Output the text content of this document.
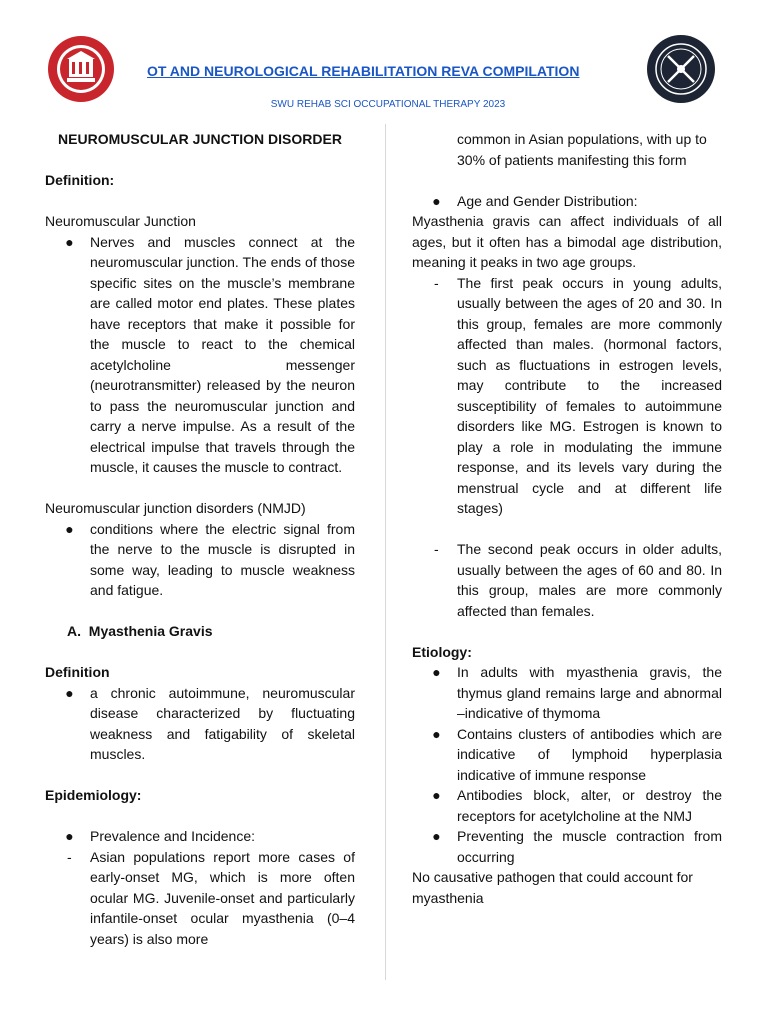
OT AND NEUROLOGICAL REHABILITATION REVA COMPILATION
SWU REHAB SCI OCCUPATIONAL THERAPY 2023

NEUROMUSCULAR JUNCTION DISORDER

Definition:

Neuromuscular Junction

●	Nerves and muscles connect at the neuromuscular junction. The ends of those specific sites on the muscle’s membrane are called motor end plates. These plates have receptors that make it possible for the muscle to react to the chemical acetylcholine messenger (neurotransmitter) released by the neuron to pass the neuromuscular junction and carry a nerve impulse. As a result of the electrical impulse that travels through the muscle, it causes the muscle to contract.

Neuromuscular junction disorders (NMJD)

●	conditions where the electric signal from the nerve to the muscle is disrupted in some way, leading to muscle weakness and fatigue.

A. Myasthenia Gravis

Definition

●	a chronic autoimmune, neuromuscular disease characterized by fluctuating weakness and fatigability of skeletal muscles.

Epidemiology:

●	Prevalence and Incidence:
-	Asian populations report more cases of early-onset MG, which is more often ocular MG. Juvenile-onset and particularly infantile-onset ocular myasthenia (0–4 years) is also more
common in Asian populations, with up to 30% of patients manifesting this form
●	Age and Gender Distribution:

Myasthenia gravis can affect individuals of all ages, but it often has a bimodal age distribution, meaning it peaks in two age groups.

-	The first peak occurs in young adults, usually between the ages of 20 and 30. In this group, females are more commonly affected than males. (hormonal factors, such as fluctuations in estrogen levels, may contribute to the increased susceptibility of females to autoimmune disorders like MG. Estrogen is known to play a role in modulating the immune response, and its levels vary during the menstrual cycle and at different life stages)
-	The second peak occurs in older adults, usually between the ages of 60 and 80. In this group, males are more commonly affected than females.

Etiology:

●	In adults with myasthenia gravis, the thymus gland remains large and abnormal –indicative of thymoma
●	Contains clusters of antibodies which are indicative of lymphoid hyperplasia indicative of immune response
●	Antibodies block, alter, or destroy the receptors for acetylcholine at the NMJ
●	Preventing the muscle contraction from occurring

No causative pathogen that could account for myasthenia
